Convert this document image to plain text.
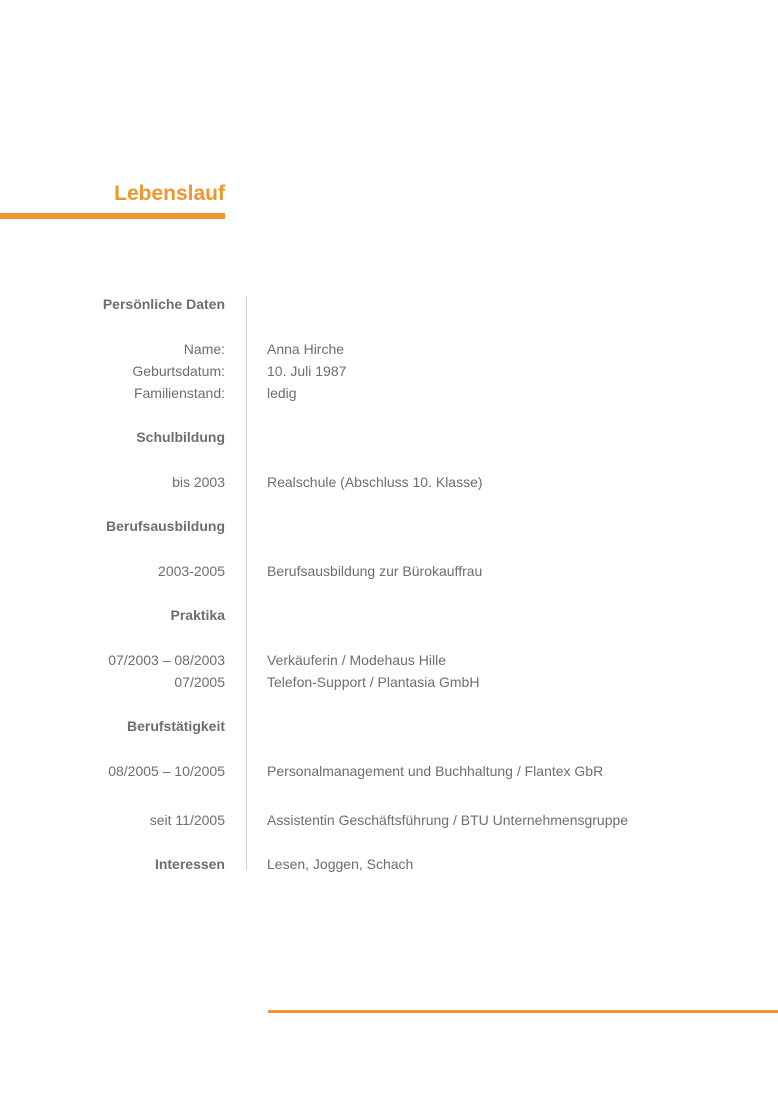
Lebenslauf
Persönliche Daten
Name:	Anna Hirche
Geburtsdatum:	10. Juli 1987
Familienstand:	ledig
Schulbildung
bis 2003	Realschule (Abschluss 10. Klasse)
Berufsausbildung
2003-2005	Berufsausbildung zur Bürokauffrau
Praktika
07/2003 – 08/2003	Verkäuferin / Modehaus Hille
07/2005	Telefon-Support / Plantasia GmbH
Berufstätigkeit
08/2005 – 10/2005	Personalmanagement und Buchhaltung / Flantex GbR
seit 11/2005	Assistentin Geschäftsführung / BTU Unternehmensgruppe
Interessen	Lesen, Joggen, Schach
